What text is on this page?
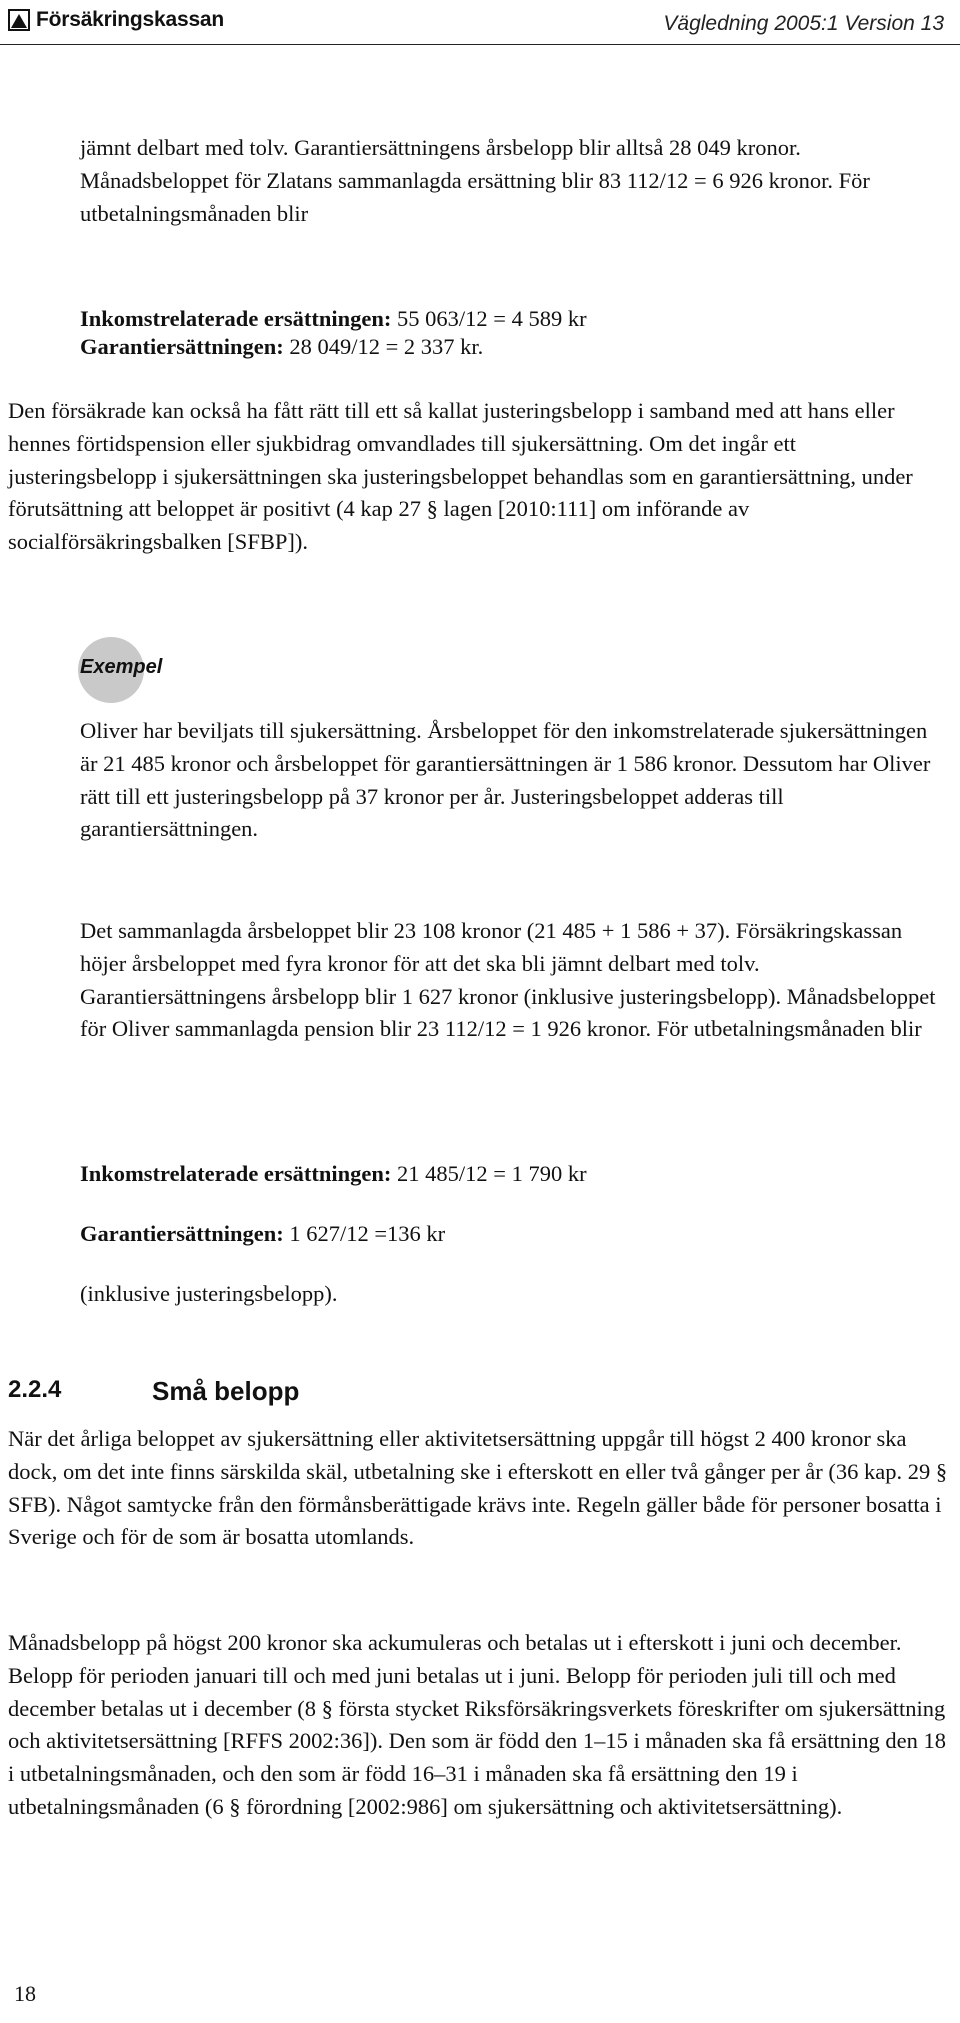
Försäkringskassan	Vägledning 2005:1 Version 13

jämnt delbart med tolv. Garantiersättningens årsbelopp blir alltså 28 049 kronor. Månadsbeloppet för Zlatans sammanlagda ersättning blir 83 112/12 = 6 926 kronor. För utbetalningsmånaden blir

Inkomstrelaterade ersättningen: 55 063/12 = 4 589 kr

Garantiersättningen: 28 049/12 = 2 337 kr.

Den försäkrade kan också ha fått rätt till ett så kallat justeringsbelopp i samband med att hans eller hennes förtidspension eller sjukbidrag omvandlades till sjukersättning. Om det ingår ett justeringsbelopp i sjukersättningen ska justeringsbeloppet behandlas som en garantiersättning, under förutsättning att beloppet är positivt (4 kap 27 § lagen [2010:111] om införande av socialförsäkringsbalken [SFBP]).

Exempel

Oliver har beviljats till sjukersättning. Årsbeloppet för den inkomstrelaterade sjukersättningen är 21 485 kronor och årsbeloppet för garantiersättningen är 1 586 kronor. Dessutom har Oliver rätt till ett justeringsbelopp på 37 kronor per år. Justeringsbeloppet adderas till garantiersättningen.

Det sammanlagda årsbeloppet blir 23 108 kronor (21 485 + 1 586 + 37). Försäkringskassan höjer årsbeloppet med fyra kronor för att det ska bli jämnt delbart med tolv. Garantiersättningens årsbelopp blir 1 627 kronor (inklusive justeringsbelopp). Månadsbeloppet för Oliver sammanlagda pension blir 23 112/12 = 1 926 kronor. För utbetalningsmånaden blir

Inkomstrelaterade ersättningen: 21 485/12 = 1 790 kr

Garantiersättningen: 1 627/12 =136 kr

(inklusive justeringsbelopp).

2.2.4	Små belopp

När det årliga beloppet av sjukersättning eller aktivitetsersättning uppgår till högst 2 400 kronor ska dock, om det inte finns särskilda skäl, utbetalning ske i efterskott en eller två gånger per år (36 kap. 29 § SFB). Något samtycke från den förmånsberättigade krävs inte. Regeln gäller både för personer bosatta i Sverige och för de som är bosatta utomlands.

Månadsbelopp på högst 200 kronor ska ackumuleras och betalas ut i efterskott i juni och december. Belopp för perioden januari till och med juni betalas ut i juni. Belopp för perioden juli till och med december betalas ut i december (8 § första stycket Riksförsäkringsverkets föreskrifter om sjukersättning och aktivitetsersättning [RFFS 2002:36]). Den som är född den 1–15 i månaden ska få ersättning den 18 i utbetalningsmånaden, och den som är född 16–31 i månaden ska få ersättning den 19 i utbetalningsmånaden (6 § förordning [2002:986] om sjukersättning och aktivitetsersättning).

18
